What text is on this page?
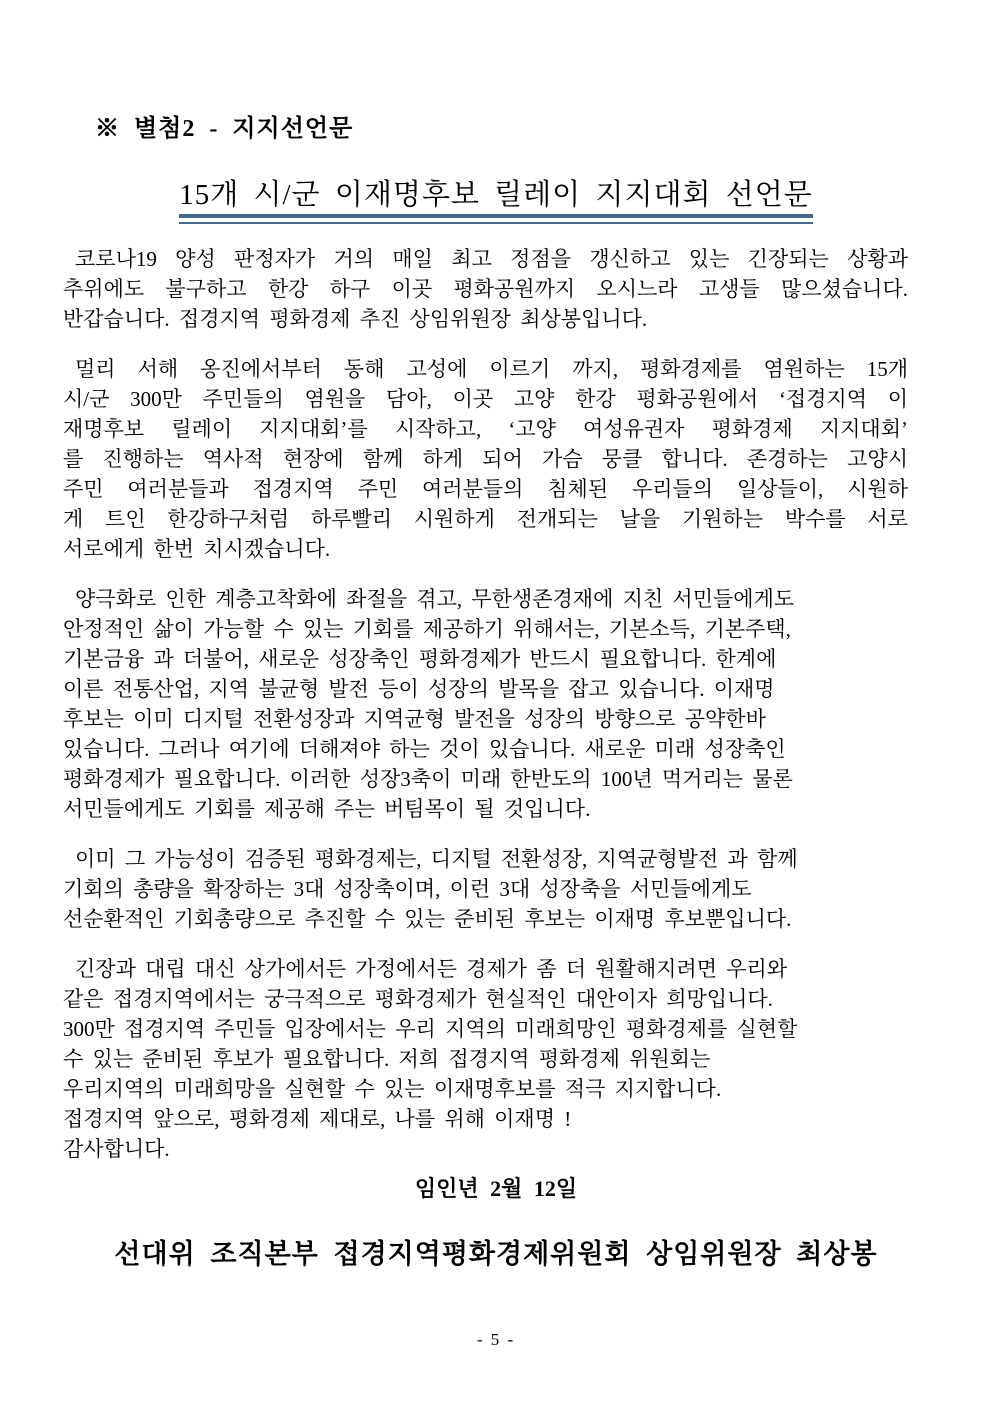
※  별첨2  -  지지선언문
15개 시/군 이재명후보 릴레이 지지대회 선언문
코로나19 양성 판정자가 거의 매일 최고 정점을 갱신하고 있는 긴장되는 상황과
추위에도 불구하고 한강 하구 이곳 평화공원까지 오시느라 고생들 많으셨습니다.
반갑습니다. 접경지역 평화경제 추진 상임위원장 최상봉입니다.
멀리 서해 옹진에서부터 동해 고성에 이르기 까지, 평화경제를 염원하는 15개
시/군 300만 주민들의 염원을 담아, 이곳 고양 한강 평화공원에서 ‘접경지역 이
재명후보 릴레이 지지대회’를 시작하고, ‘고양 여성유권자 평화경제 지지대회’
를 진행하는 역사적 현장에 함께 하게 되어 가슴 뭉클 합니다. 존경하는 고양시
주민 여러분들과 접경지역 주민 여러분들의 침체된 우리들의 일상들이, 시원하
게 트인 한강하구처럼 하루빨리 시원하게 전개되는 날을 기원하는 박수를 서로
서로에게 한번 치시겠습니다.
양극화로 인한 계층고착화에 좌절을 겪고, 무한생존경재에 지친 서민들에게도
안정적인 삶이 가능할 수 있는 기회를 제공하기 위해서는, 기본소득, 기본주택,
기본금융 과 더불어, 새로운 성장축인 평화경제가 반드시 필요합니다. 한계에
이른 전통산업, 지역 불균형 발전 등이 성장의 발목을 잡고 있습니다. 이재명
후보는 이미 디지털 전환성장과 지역균형 발전을 성장의 방향으로 공약한바
있습니다. 그러나 여기에 더해져야 하는 것이 있습니다. 새로운 미래 성장축인
평화경제가 필요합니다. 이러한 성장3축이 미래 한반도의 100년 먹거리는 물론
서민들에게도 기회를 제공해 주는 버팀목이 될 것입니다.
이미 그 가능성이 검증된 평화경제는, 디지털 전환성장, 지역균형발전 과 함께
기회의 총량을 확장하는 3대 성장축이며, 이런 3대 성장축을 서민들에게도
선순환적인 기회총량으로 추진할 수 있는 준비된 후보는 이재명 후보뿐입니다.
긴장과 대립 대신 상가에서든 가정에서든 경제가 좀 더 원활해지려면 우리와
같은 접경지역에서는 궁극적으로 평화경제가 현실적인 대안이자 희망입니다.
300만 접경지역 주민들 입장에서는 우리 지역의 미래희망인 평화경제를 실현할
수 있는 준비된 후보가 필요합니다. 저희 접경지역 평화경제 위원회는
우리지역의 미래희망을 실현할 수 있는 이재명후보를 적극 지지합니다.
접경지역 앞으로, 평화경제 제대로, 나를 위해 이재명 !
감사합니다.
임인년 2월 12일
선대위 조직본부 접경지역평화경제위원회 상임위원장 최상봉
- 5 -
